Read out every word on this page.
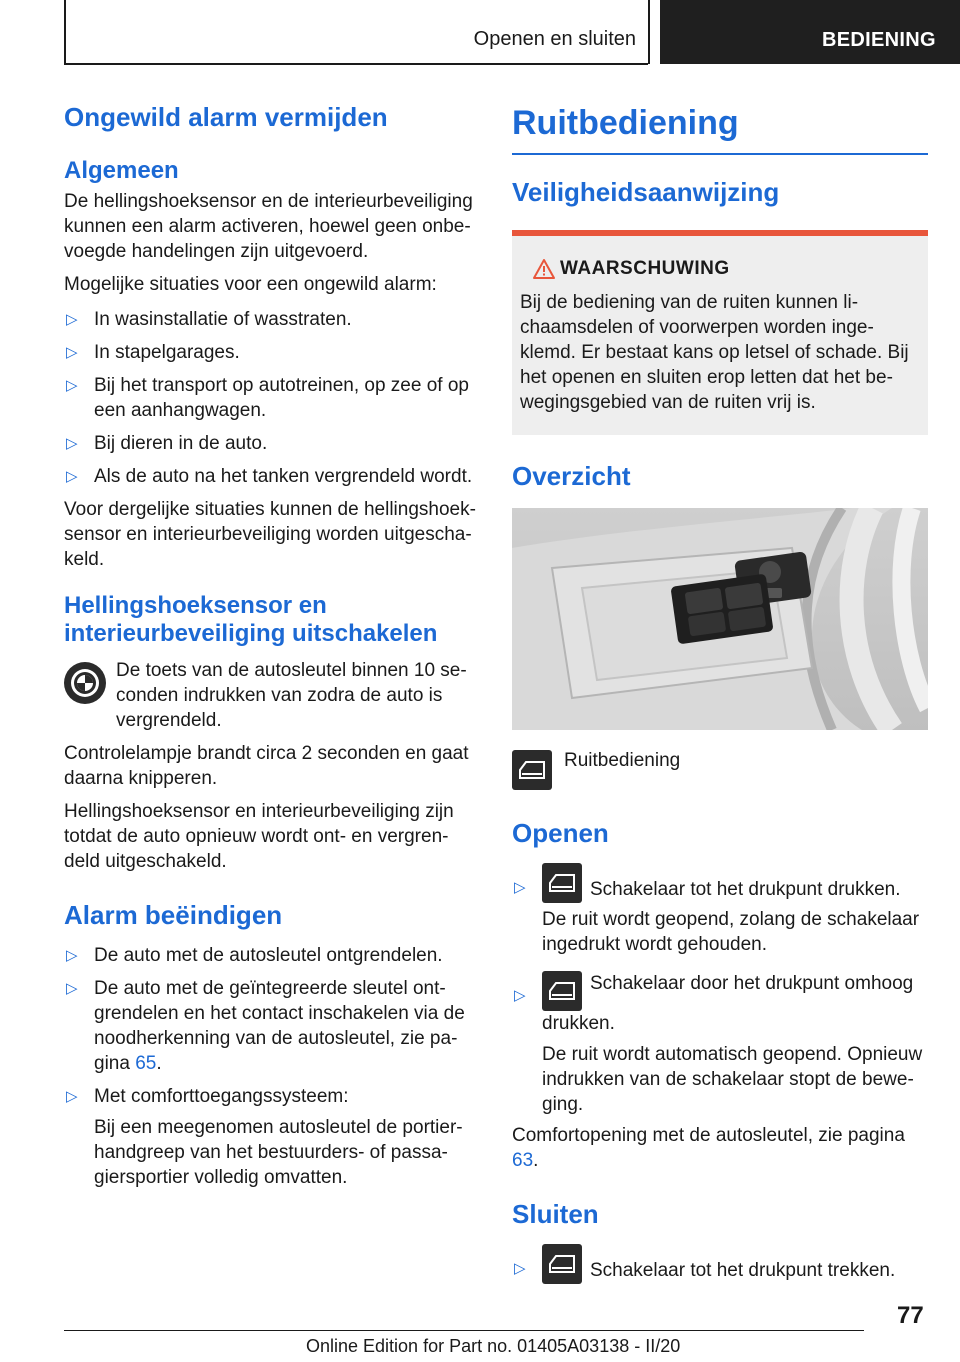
Openen en sluiten	BEDIENING
Ongewild alarm vermijden
Algemeen

De hellingshoeksensor en de interieurbeveiliging kunnen een alarm activeren, hoewel geen onbevoegde handelingen zijn uitgevoerd.

Mogelijke situaties voor een ongewild alarm:

▷ In wasinstallatie of wasstraten.
▷ In stapelgarages.
▷ Bij het transport op autotreinen, op zee of op een aanhangwagen.
▷ Bij dieren in de auto.
▷ Als de auto na het tanken vergrendeld wordt.

Voor dergelijke situaties kunnen de hellingshoeksensor en interieurbeveiliging worden uitgeschakeld.

Hellingshoeksensor en interieurbeveiliging uitschakelen

De toets van de autosleutel binnen 10 seconden indrukken van zodra de auto is vergrendeld.

Controlelampje brandt circa 2 seconden en gaat daarna knipperen.

Hellingshoeksensor en interieurbeveiliging zijn totdat de auto opnieuw wordt ont- en vergrendeld uitgeschakeld.

Alarm beëindigen
▷ De auto met de autosleutel ontgrendelen.
▷ De auto met de geïntegreerde sleutel ontgrendelen en het contact inschakelen via de noodherkenning van de autosleutel, zie pagina 65.
▷ Met comforttoegangssysteem:
Bij een meegenomen autosleutel de portierhandgreep van het bestuurders- of passagiersportier volledig omvatten.
Ruitbediening
Veiligheidsaanwijzing
WAARSCHUWING

Bij de bediening van de ruiten kunnen lichaamsdelen of voorwerpen worden ingeklemd. Er bestaat kans op letsel of schade. Bij het openen en sluiten erop letten dat het bewegingsgebied van de ruiten vrij is.

Overzicht
Ruitbediening
Openen
▷	Schakelaar tot het drukpunt drukken.
De ruit wordt geopend, zolang de schakelaar ingedrukt wordt gehouden.
▷
Schakelaar door het drukpunt omhoog drukken.
De ruit wordt automatisch geopend. Opnieuw indrukken van de schakelaar stopt de beweging.

Comfortopening met de autosleutel, zie pagina 63.

Sluiten
▷	Schakelaar tot het drukpunt trekken.
77
Online Edition for Part no. 01405A03138 - II/20
